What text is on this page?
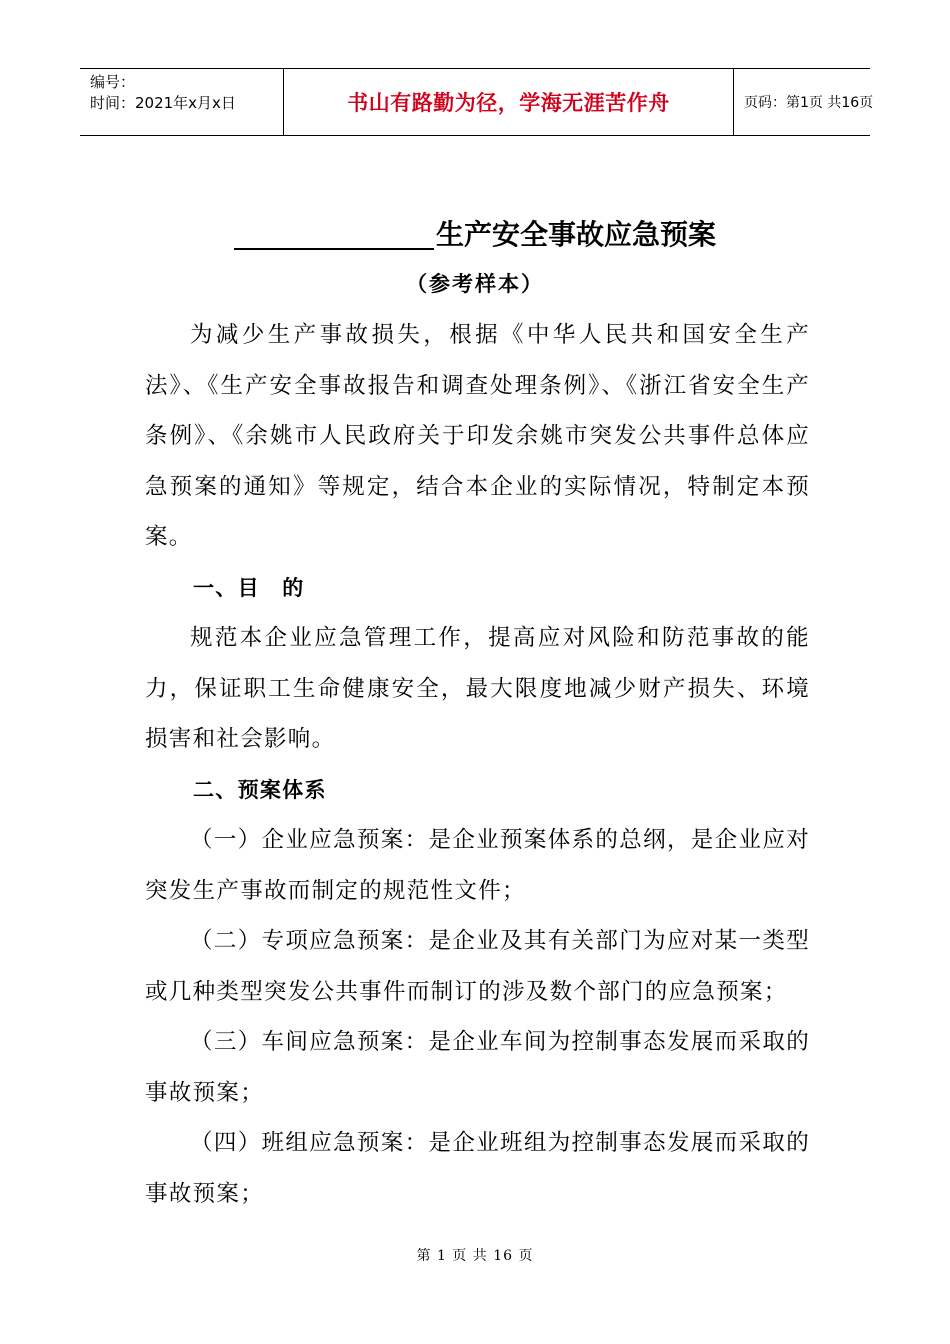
编号：
时间：2021年x月x日	书山有路勤为径，学海无涯苦作舟	页码：第1页 共16页
生产安全事故应急预案
（参考样本）

为减少生产事故损失，根据《中华人民共和国安全生产法》、《生产安全事故报告和调查处理条例》、《浙江省安全生产条例》、《余姚市人民政府关于印发余姚市突发公共事件总体应急预案的通知》等规定，结合本企业的实际情况，特制定本预案。

一、目　的

规范本企业应急管理工作，提高应对风险和防范事故的能力，保证职工生命健康安全，最大限度地减少财产损失、环境损害和社会影响。

二、预案体系

（一）企业应急预案：是企业预案体系的总纲，是企业应对突发生产事故而制定的规范性文件；

（二）专项应急预案：是企业及其有关部门为应对某一类型或几种类型突发公共事件而制订的涉及数个部门的应急预案；

（三）车间应急预案：是企业车间为控制事态发展而采取的事故预案；

（四）班组应急预案：是企业班组为控制事态发展而采取的事故预案；

第 1 页 共 16 页
